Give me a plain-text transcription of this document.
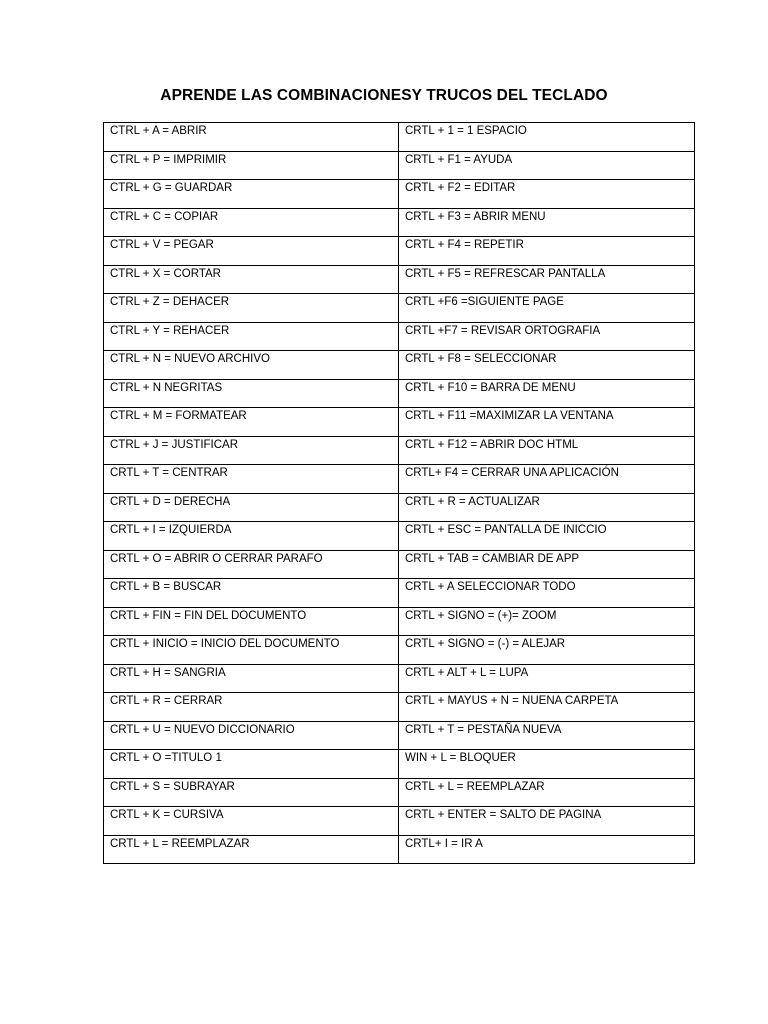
APRENDE LAS COMBINACIONESY TRUCOS DEL TECLADO
CTRL + A = ABRIR	CRTL + 1 = 1 ESPACIO
CTRL + P = IMPRIMIR	CRTL + F1 = AYUDA
CTRL + G = GUARDAR	CRTL + F2 = EDITAR
CTRL + C = COPIAR	CRTL + F3 = ABRIR MENU
CTRL + V = PEGAR	CRTL + F4 = REPETIR
CTRL + X = CORTAR	CRTL + F5 = REFRESCAR PANTALLA
CTRL + Z = DEHACER	CRTL +F6 =SIGUIENTE PAGE
CTRL + Y = REHACER	CRTL +F7 = REVISAR ORTOGRAFIA
CTRL + N = NUEVO ARCHIVO	CRTL + F8 = SELECCIONAR
CTRL + N NEGRITAS	CRTL + F10 = BARRA DE MENU
CTRL + M = FORMATEAR	CRTL + F11 =MAXIMIZAR LA VENTANA
CTRL + J = JUSTIFICAR	CRTL + F12 = ABRIR DOC HTML
CRTL + T = CENTRAR	CRTL+ F4 = CERRAR UNA APLICACIÓN
CRTL + D = DERECHA	CRTL + R = ACTUALIZAR
CRTL + I = IZQUIERDA	CRTL + ESC = PANTALLA DE INICCIO
CRTL + O = ABRIR O CERRAR PARAFO	CRTL + TAB = CAMBIAR DE APP
CRTL + B = BUSCAR	CRTL + A SELECCIONAR TODO
CRTL + FIN = FIN DEL DOCUMENTO	CRTL + SIGNO = (+)= ZOOM
CRTL + INICIO = INICIO DEL DOCUMENTO	CRTL + SIGNO = (-) = ALEJAR
CRTL + H = SANGRIA	CRTL + ALT + L = LUPA
CRTL + R = CERRAR	CRTL + MAYUS + N = NUENA CARPETA
CRTL + U = NUEVO DICCIONARIO	CRTL + T = PESTAÑA NUEVA
CRTL + O =TITULO 1	WIN + L = BLOQUER
CRTL + S = SUBRAYAR	CRTL + L = REEMPLAZAR
CRTL + K = CURSIVA	CRTL + ENTER = SALTO DE PAGINA
CRTL + L = REEMPLAZAR	CRTL+ I = IR A
